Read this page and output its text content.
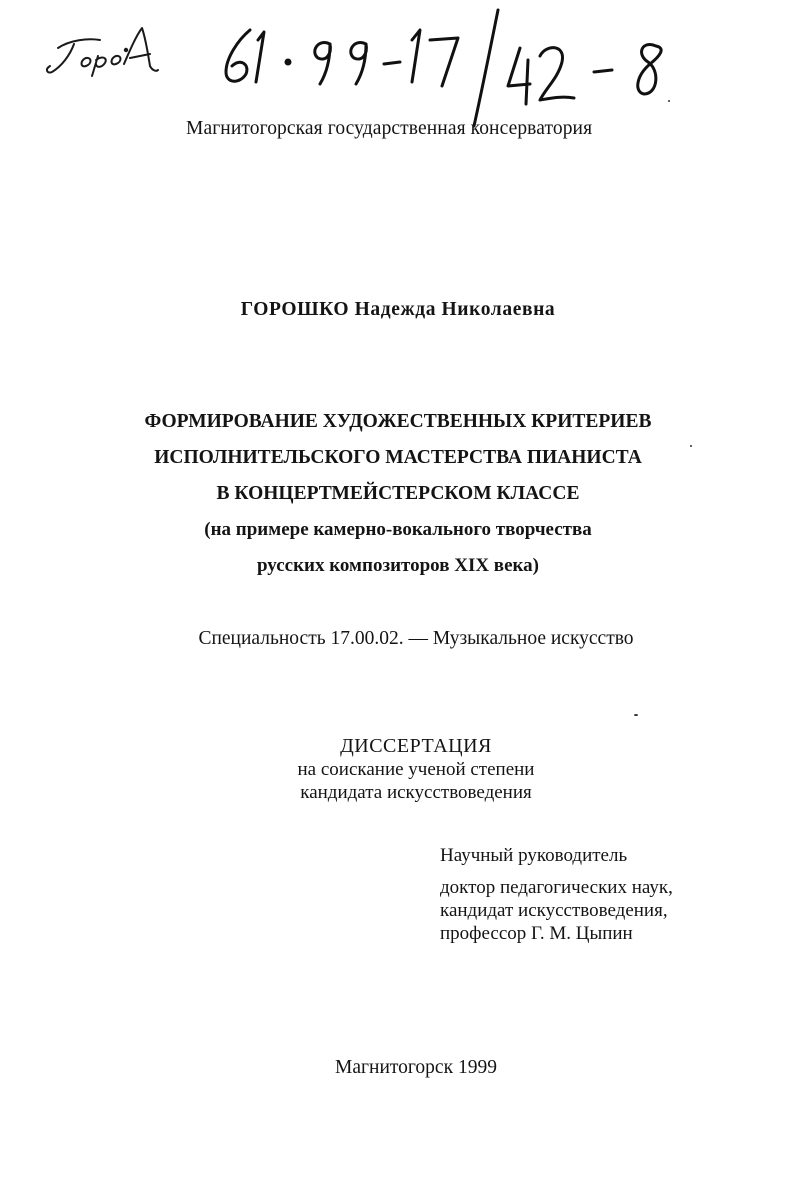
Магнитогорская государственная консерватория
ГОРОШКО Надежда Николаевна
ФОРМИРОВАНИЕ ХУДОЖЕСТВЕННЫХ КРИТЕРИЕВ
ИСПОЛНИТЕЛЬСКОГО МАСТЕРСТВА ПИАНИСТА
В КОНЦЕРТМЕЙСТЕРСКОМ КЛАССЕ
(на примере камерно-вокального творчества
русских композиторов XIX века)
Специальность 17.00.02. — Музыкальное искусство
ДИССЕРТАЦИЯ
на соискание ученой степени
кандидата искусствоведения
Научный руководитель
доктор педагогических наук,
кандидат искусствоведения,
профессор Г. М. Цыпин
Магнитогорск 1999
